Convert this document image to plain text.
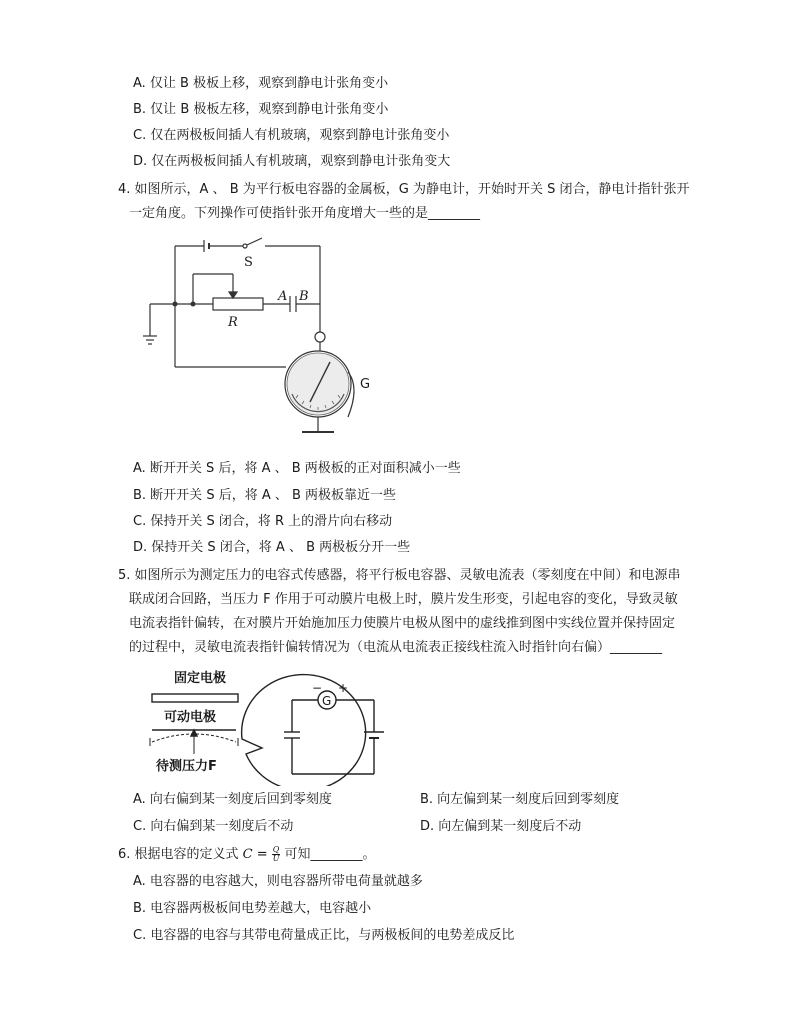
A. 仅让 B 极板上移，观察到静电计张角变小
B. 仅让 B 极板左移，观察到静电计张角变小
C. 仅在两极板间插人有机玻璃，观察到静电计张角变小
D. 仅在两极板间插人有机玻璃，观察到静电计张角变大
4. 如图所示，A 、 B 为平行板电容器的金属板，G 为静电计，开始时开关 S 闭合，静电计指针张开
一定角度。下列操作可使指针张开角度增大一些的是________
S
R
A B
G
A. 断开开关 S 后，将 A 、 B 两极板的正对面积减小一些
B. 断开开关 S 后，将 A 、 B 两极板靠近一些
C. 保持开关 S 闭合，将 R 上的滑片向右移动
D. 保持开关 S 闭合，将 A 、 B 两极板分开一些
5. 如图所示为测定压力的电容式传感器，将平行板电容器、灵敏电流表（零刻度在中间）和电源串
联成闭合回路，当压力 F 作用于可动膜片电极上时，膜片发生形变，引起电容的变化，导致灵敏
电流表指针偏转，在对膜片开始施加压力使膜片电极从图中的虚线推到图中实线位置并保持固定
的过程中，灵敏电流表指针偏转情况为（电流从电流表正接线柱流入时指针向右偏）________
固定电极
可动电极
待测压力F
G
− +
A. 向右偏到某一刻度后回到零刻度	B. 向左偏到某一刻度后回到零刻度
C. 向右偏到某一刻度后不动	D. 向左偏到某一刻度后不动
6. 根据电容的定义式 $C = \frac{Q}{U}$ 可知________。
A. 电容器的电容越大，则电容器所带电荷量就越多
B. 电容器两极板间电势差越大，电容越小
C. 电容器的电容与其带电荷量成正比，与两极板间的电势差成反比
